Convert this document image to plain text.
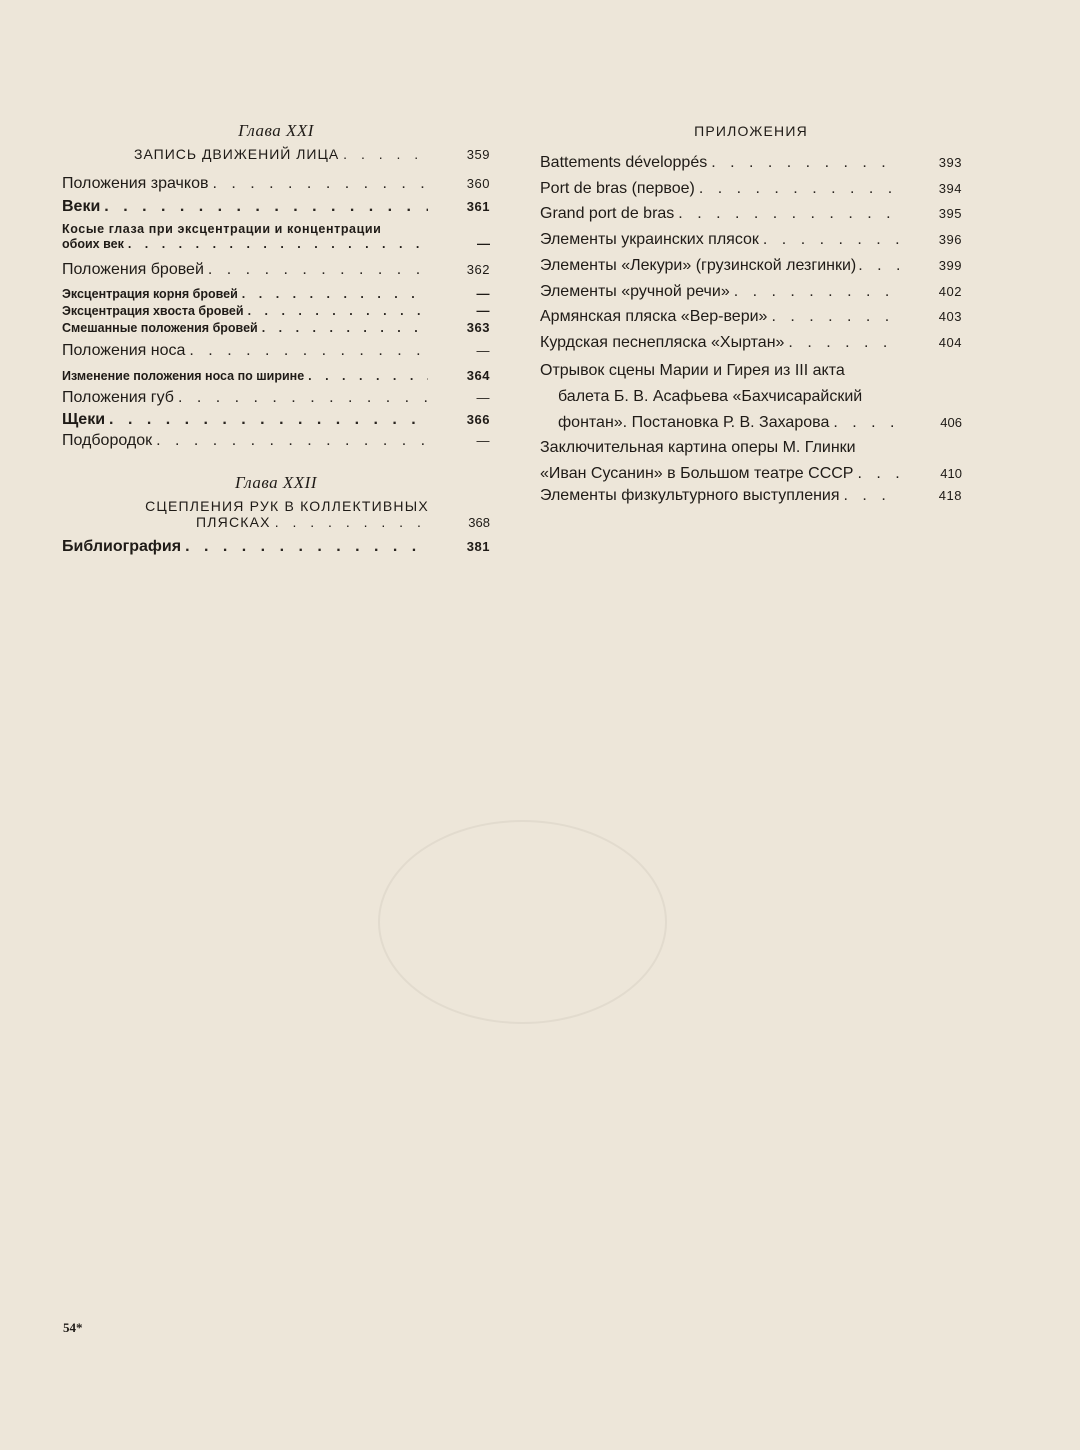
Глава XXI
ЗАПИСЬ ДВИЖЕНИЙ ЛИЦА . . .	359
Положения зрачков . . .	360
Веки . . .	361
Косые глаза при эксцентрации и концентрации
обоих век . . .	—
Положения бровей . . .	362
Эксцентрация корня бровей . . .	—
Эксцентрация хвоста бровей . . .	—
Смешанные положения бровей . . .	363
Положения носа . . .	—
Изменение положения носа по ширине . . .	364
Положения губ . . .	—
Щеки . . .	366
Подбородок . . .	—
Глава XXII
СЦЕПЛЕНИЯ РУК В КОЛЛЕКТИВНЫХ
ПЛЯСКАХ . . .	368
Библиография . . .	381
ПРИЛОЖЕНИЯ
Battements développés . . .	393
Port de bras (первое) . . .	394
Grand port de bras . . .	395
Элементы украинских плясок . . .	396
Элементы «Лекури» (грузинской лезгинки) . . .	399
Элементы «ручной речи» . . .	402
Армянская пляска «Вер-вери» . . .	403
Курдская песнепляска «Хыртан» . . .	404
Отрывок сцены Марии и Гирея из III акта
балета Б. В. Асафьева «Бахчисарайский
фонтан». Постановка Р. В. Захарова . . .	406
Заключительная картина оперы М. Глинки
«Иван Сусанин» в Большом театре СССР . . .	410
Элементы физкультурного выступления . . .	418
54*
